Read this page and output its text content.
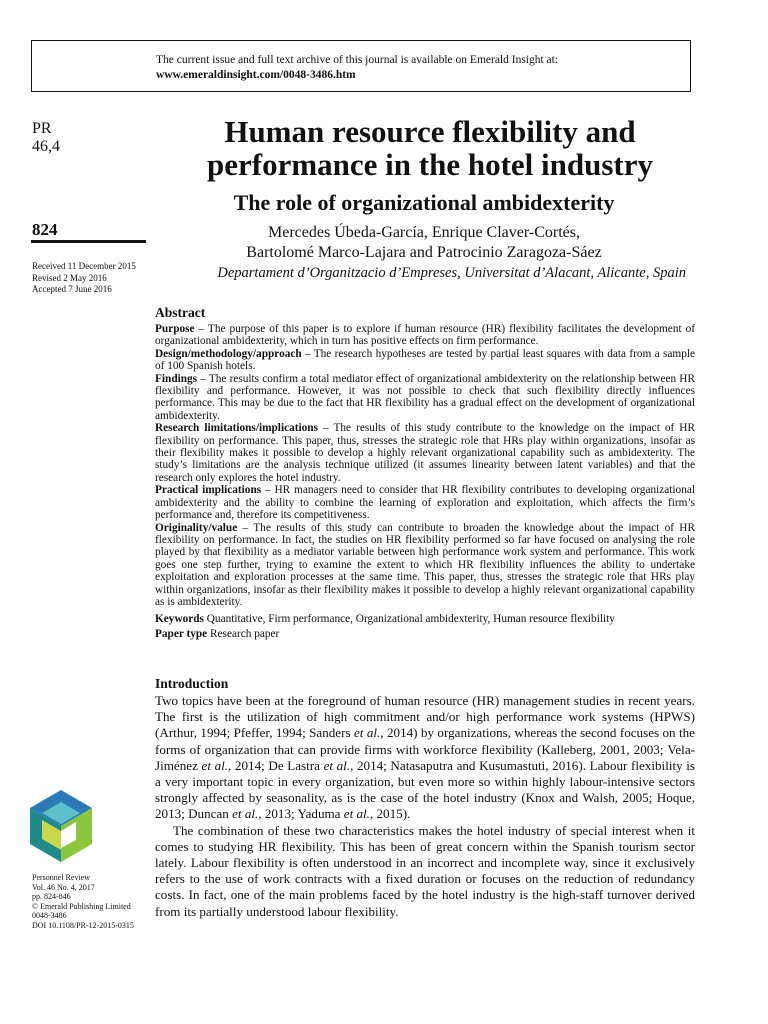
The current issue and full text archive of this journal is available on Emerald Insight at:
www.emeraldinsight.com/0048-3486.htm
PR
46,4
824
Received 11 December 2015
Revised 2 May 2016
Accepted 7 June 2016
Human resource flexibility and
performance in the hotel industry
The role of organizational ambidexterity
Mercedes Úbeda-García, Enrique Claver-Cortés,
Bartolomé Marco-Lajara and Patrocinio Zaragoza-Sáez
Departament d’Organitzacio d’Empreses, Universitat d’Alacant, Alicante, Spain
Abstract

Purpose – The purpose of this paper is to explore if human resource (HR) flexibility facilitates the development of organizational ambidexterity, which in turn has positive effects on firm performance.

Design/methodology/approach – The research hypotheses are tested by partial least squares with data from a sample of 100 Spanish hotels.

Findings – The results confirm a total mediator effect of organizational ambidexterity on the relationship between HR flexibility and performance. However, it was not possible to check that such flexibility directly influences performance. This may be due to the fact that HR flexibility has a gradual effect on the development of organizational ambidexterity.

Research limitations/implications – The results of this study contribute to the knowledge on the impact of HR flexibility on performance. This paper, thus, stresses the strategic role that HRs play within organizations, insofar as their flexibility makes it possible to develop a highly relevant organizational capability such as ambidexterity. The study’s limitations are the analysis technique utilized (it assumes linearity between latent variables) and that the research only explores the hotel industry.

Practical implications – HR managers need to consider that HR flexibility contributes to developing organizational ambidexterity and the ability to combine the learning of exploration and exploitation, which affects the firm’s performance and, therefore its competitiveness.

Originality/value – The results of this study can contribute to broaden the knowledge about the impact of HR flexibility on performance. In fact, the studies on HR flexibility performed so far have focused on analysing the role played by that flexibility as a mediator variable between high performance work system and performance. This work goes one step further, trying to examine the extent to which HR flexibility influences the ability to undertake exploitation and exploration processes at the same time. This paper, thus, stresses the strategic role that HRs play within organizations, insofar as their flexibility makes it possible to develop a highly relevant organizational capability as is ambidexterity.

Keywords Quantitative, Firm performance, Organizational ambidexterity, Human resource flexibility
Paper type Research paper
Introduction

Two topics have been at the foreground of human resource (HR) management studies in recent years. The first is the utilization of high commitment and/or high performance work systems (HPWS) (Arthur, 1994; Pfeffer, 1994; Sanders et al., 2014) by organizations, whereas the second focuses on the forms of organization that can provide firms with workforce flexibility (Kalleberg, 2001, 2003; Vela-Jiménez et al., 2014; De Lastra et al., 2014; Natasaputra and Kusumastuti, 2016). Labour flexibility is a very important topic in every organization, but even more so within highly labour-intensive sectors strongly affected by seasonality, as is the case of the hotel industry (Knox and Walsh, 2005; Hoque, 2013; Duncan et al., 2013; Yaduma et al., 2015).

The combination of these two characteristics makes the hotel industry of special interest when it comes to studying HR flexibility. This has been of great concern within the Spanish tourism sector lately. Labour flexibility is often understood in an incorrect and incomplete way, since it exclusively refers to the use of work contracts with a fixed duration or focuses on the reduction of redundancy costs. In fact, one of the main problems faced by the hotel industry is the high-staff turnover derived from its partially understood labour flexibility.

Personnel Review
Vol. 46 No. 4, 2017
pp. 824-846
© Emerald Publishing Limited
0048-3486
DOI 10.1108/PR-12-2015-0315
